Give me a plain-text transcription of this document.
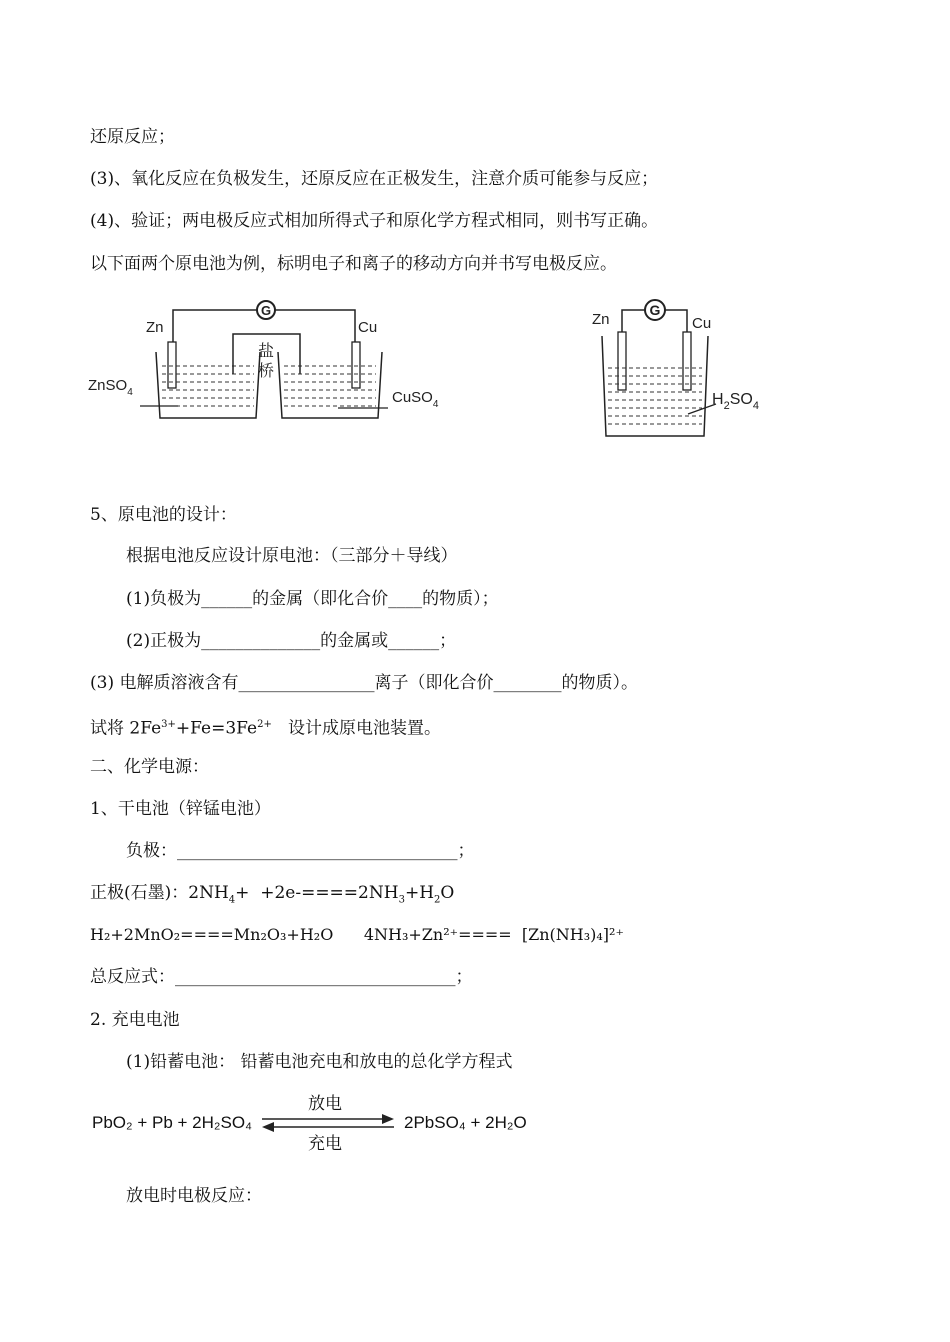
还原反应；
(3)、氧化反应在负极发生，还原反应在正极发生，注意介质可能参与反应；
(4)、验证；两电极反应式相加所得式子和原化学方程式相同，则书写正确。
以下面两个原电池为例，标明电子和离子的移动方向并书写电极反应。
G
盐
桥
Zn	Cu
ZnSO$_4$	CuSO$_4$
G
Zn	Cu
$H_2SO_4$
5、原电池的设计：
根据电池反应设计原电池：（三部分＋导线）
(1)负极为______的金属（即化合价____的物质）；
(2)正极为______________的金属或______；
(3) 电解质溶液含有________________离子（即化合价________的物质）。
试将 $2Fe^{3+}+Fe=3Fe^{2+}$   设计成原电池装置。
二、化学电源：
1、干电池（锌锰电池）
负极：_________________________________；
正极(石墨)：$2NH_4+ +2e-====2NH_3+H_2O$
H₂+2MnO₂====Mn₂O₃+H₂O      4NH₃+Zn²⁺====  [Zn(NH₃)₄]²⁺
总反应式：_________________________________；
2. 充电电池
(1)铅蓄电池： 铅蓄电池充电和放电的总化学方程式
PbO₂ + Pb + 2H₂SO₄	2PbSO₄ + 2H₂O
放电
充电
放电时电极反应：
